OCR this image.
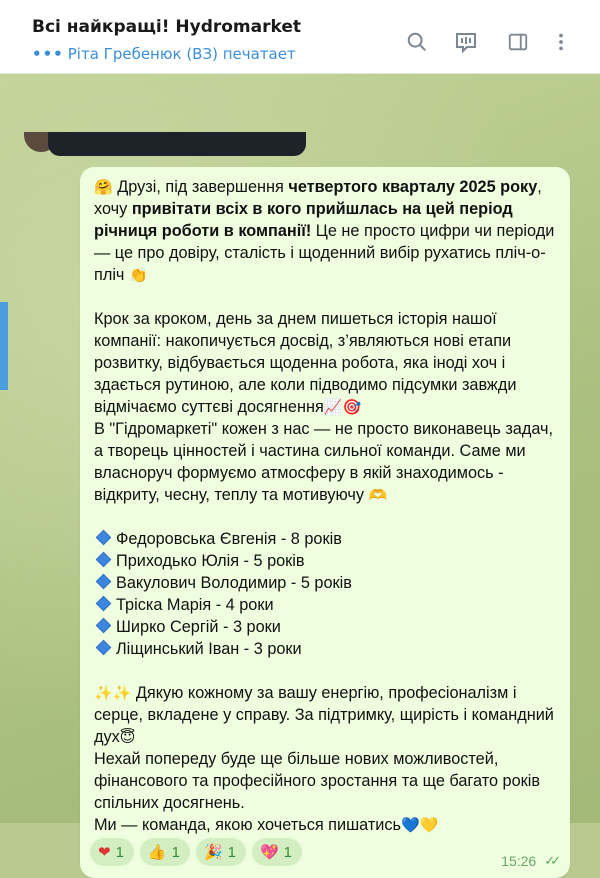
Всі найкращі! Hydromarket
••• Рiта Гребенюк (ВЗ) печатает

🤗 Друзі, під завершення четвертого кварталу 2025 року, хочу привітати всіх в кого прийшлась на цей період річниця роботи в компанії! Це не просто цифри чи періоди — це про довіру, сталість і щоденний вибір рухатись пліч-о-пліч 👏

Крок за кроком, день за днем пишеться історія нашої компанії: накопичується досвід, з’являються нові етапи розвитку, відбувається щоденна робота, яка іноді хоч і здається рутиною, але коли підводимо підсумки завжди відмічаємо суттєві досягнення📈🎯

В "Гідромаркеті" кожен з нас — не просто виконавець задач, а творець цінностей і частина сильної команди. Саме ми власноруч формуємо атмосферу в якій знаходимось - відкриту, чесну, теплу та мотивуючу 🫶

Федоровська Євгенія - 8 років

Приходько Юлія - 5 років

Вакулович Володимир - 5 років

Тріска Марія - 4 роки

Ширко Сергій - 3 роки

Ліщинський Іван - 3 роки

✨✨ Дякую кожному за вашу енергію, професіоналізм і серце, вкладене у справу. За підтримку, щирість і командний дух😇

Нехай попереду буде ще більше нових можливостей, фінансового та професійного зростання та ще багато років спільних досягнень.

Ми — команда, якою хочеться пишатись💙💛

❤ 1 👍 1 🎉 1 💖 1
15:26 ✓✓
